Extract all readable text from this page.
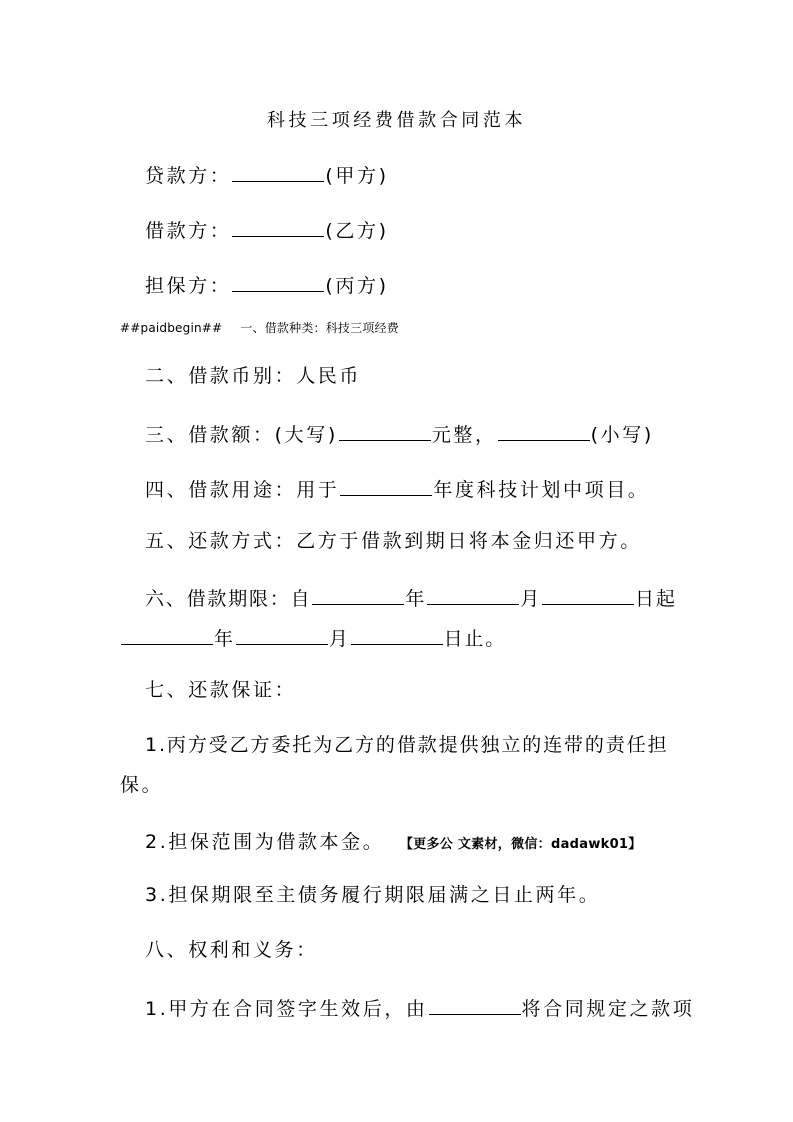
科技三项经费借款合同范本
贷款方：	(甲方)
借款方：	(乙方)
担保方：	(丙方)
##paidbegin## 一、借款种类：科技三项经费
二、借款币别：人民币
三、借款额：(大写)	元整，	(小写)
四、借款用途：用于	年度科技计划中项目。
五、还款方式：乙方于借款到期日将本金归还甲方。
六、借款期限：自	年	月	日起
年	月	日止。
七、还款保证：
1.丙方受乙方委托为乙方的借款提供独立的连带的责任担
保。
2.担保范围为借款本金。 【更多公 文素材，微信：dadawk01】
3.担保期限至主债务履行期限届满之日止两年。
八、权利和义务：
1.甲方在合同签字生效后，由	将合同规定之款项
